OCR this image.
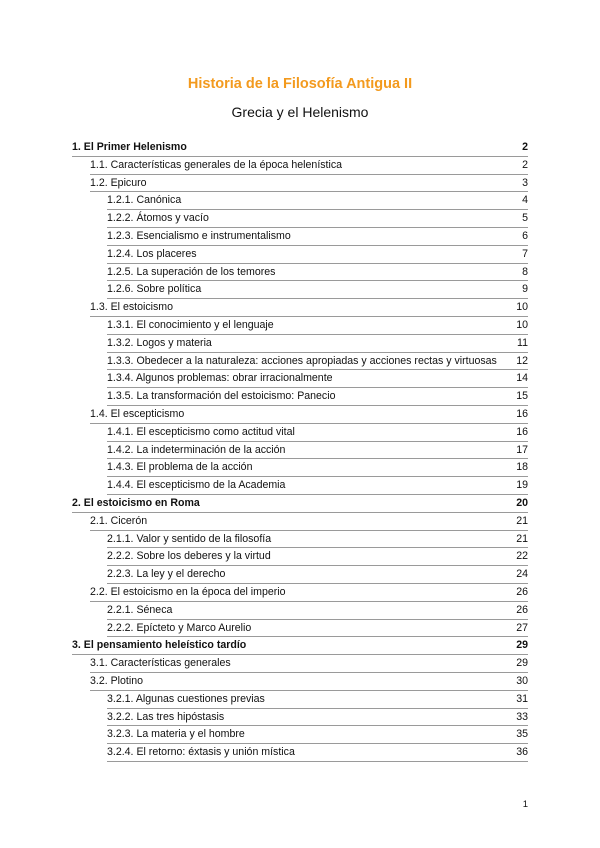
Historia de la Filosofía Antigua II
Grecia y el Helenismo
1. El Primer Helenismo	2
1.1. Características generales de la época helenística	2
1.2. Epicuro	3
1.2.1. Canónica	4
1.2.2. Átomos y vacío	5
1.2.3. Esencialismo e instrumentalismo	6
1.2.4. Los placeres	7
1.2.5. La superación de los temores	8
1.2.6. Sobre política	9
1.3. El estoicismo	10
1.3.1. El conocimiento y el lenguaje	10
1.3.2. Logos y materia	11
1.3.3. Obedecer a la naturaleza: acciones apropiadas y acciones rectas y virtuosas 12
1.3.4. Algunos problemas: obrar irracionalmente	14
1.3.5. La transformación del estoicismo: Panecio	15
1.4. El escepticismo	16
1.4.1. El escepticismo como actitud vital	16
1.4.2. La indeterminación de la acción	17
1.4.3. El problema de la acción	18
1.4.4. El escepticismo de la Academia	19
2. El estoicismo en Roma	20
2.1. Cicerón	21
2.1.1. Valor y sentido de la filosofía	21
2.2.2. Sobre los deberes y la virtud	22
2.2.3. La ley y el derecho	24
2.2. El estoicismo en la época del imperio	26
2.2.1. Séneca	26
2.2.2. Epícteto y Marco Aurelio	27
3. El pensamiento heleístico tardío	29
3.1. Características generales	29
3.2. Plotino	30
3.2.1. Algunas cuestiones previas	31
3.2.2. Las tres hipóstasis	33
3.2.3. La materia y el hombre	35
3.2.4. El retorno: éxtasis y unión mística	36
1
